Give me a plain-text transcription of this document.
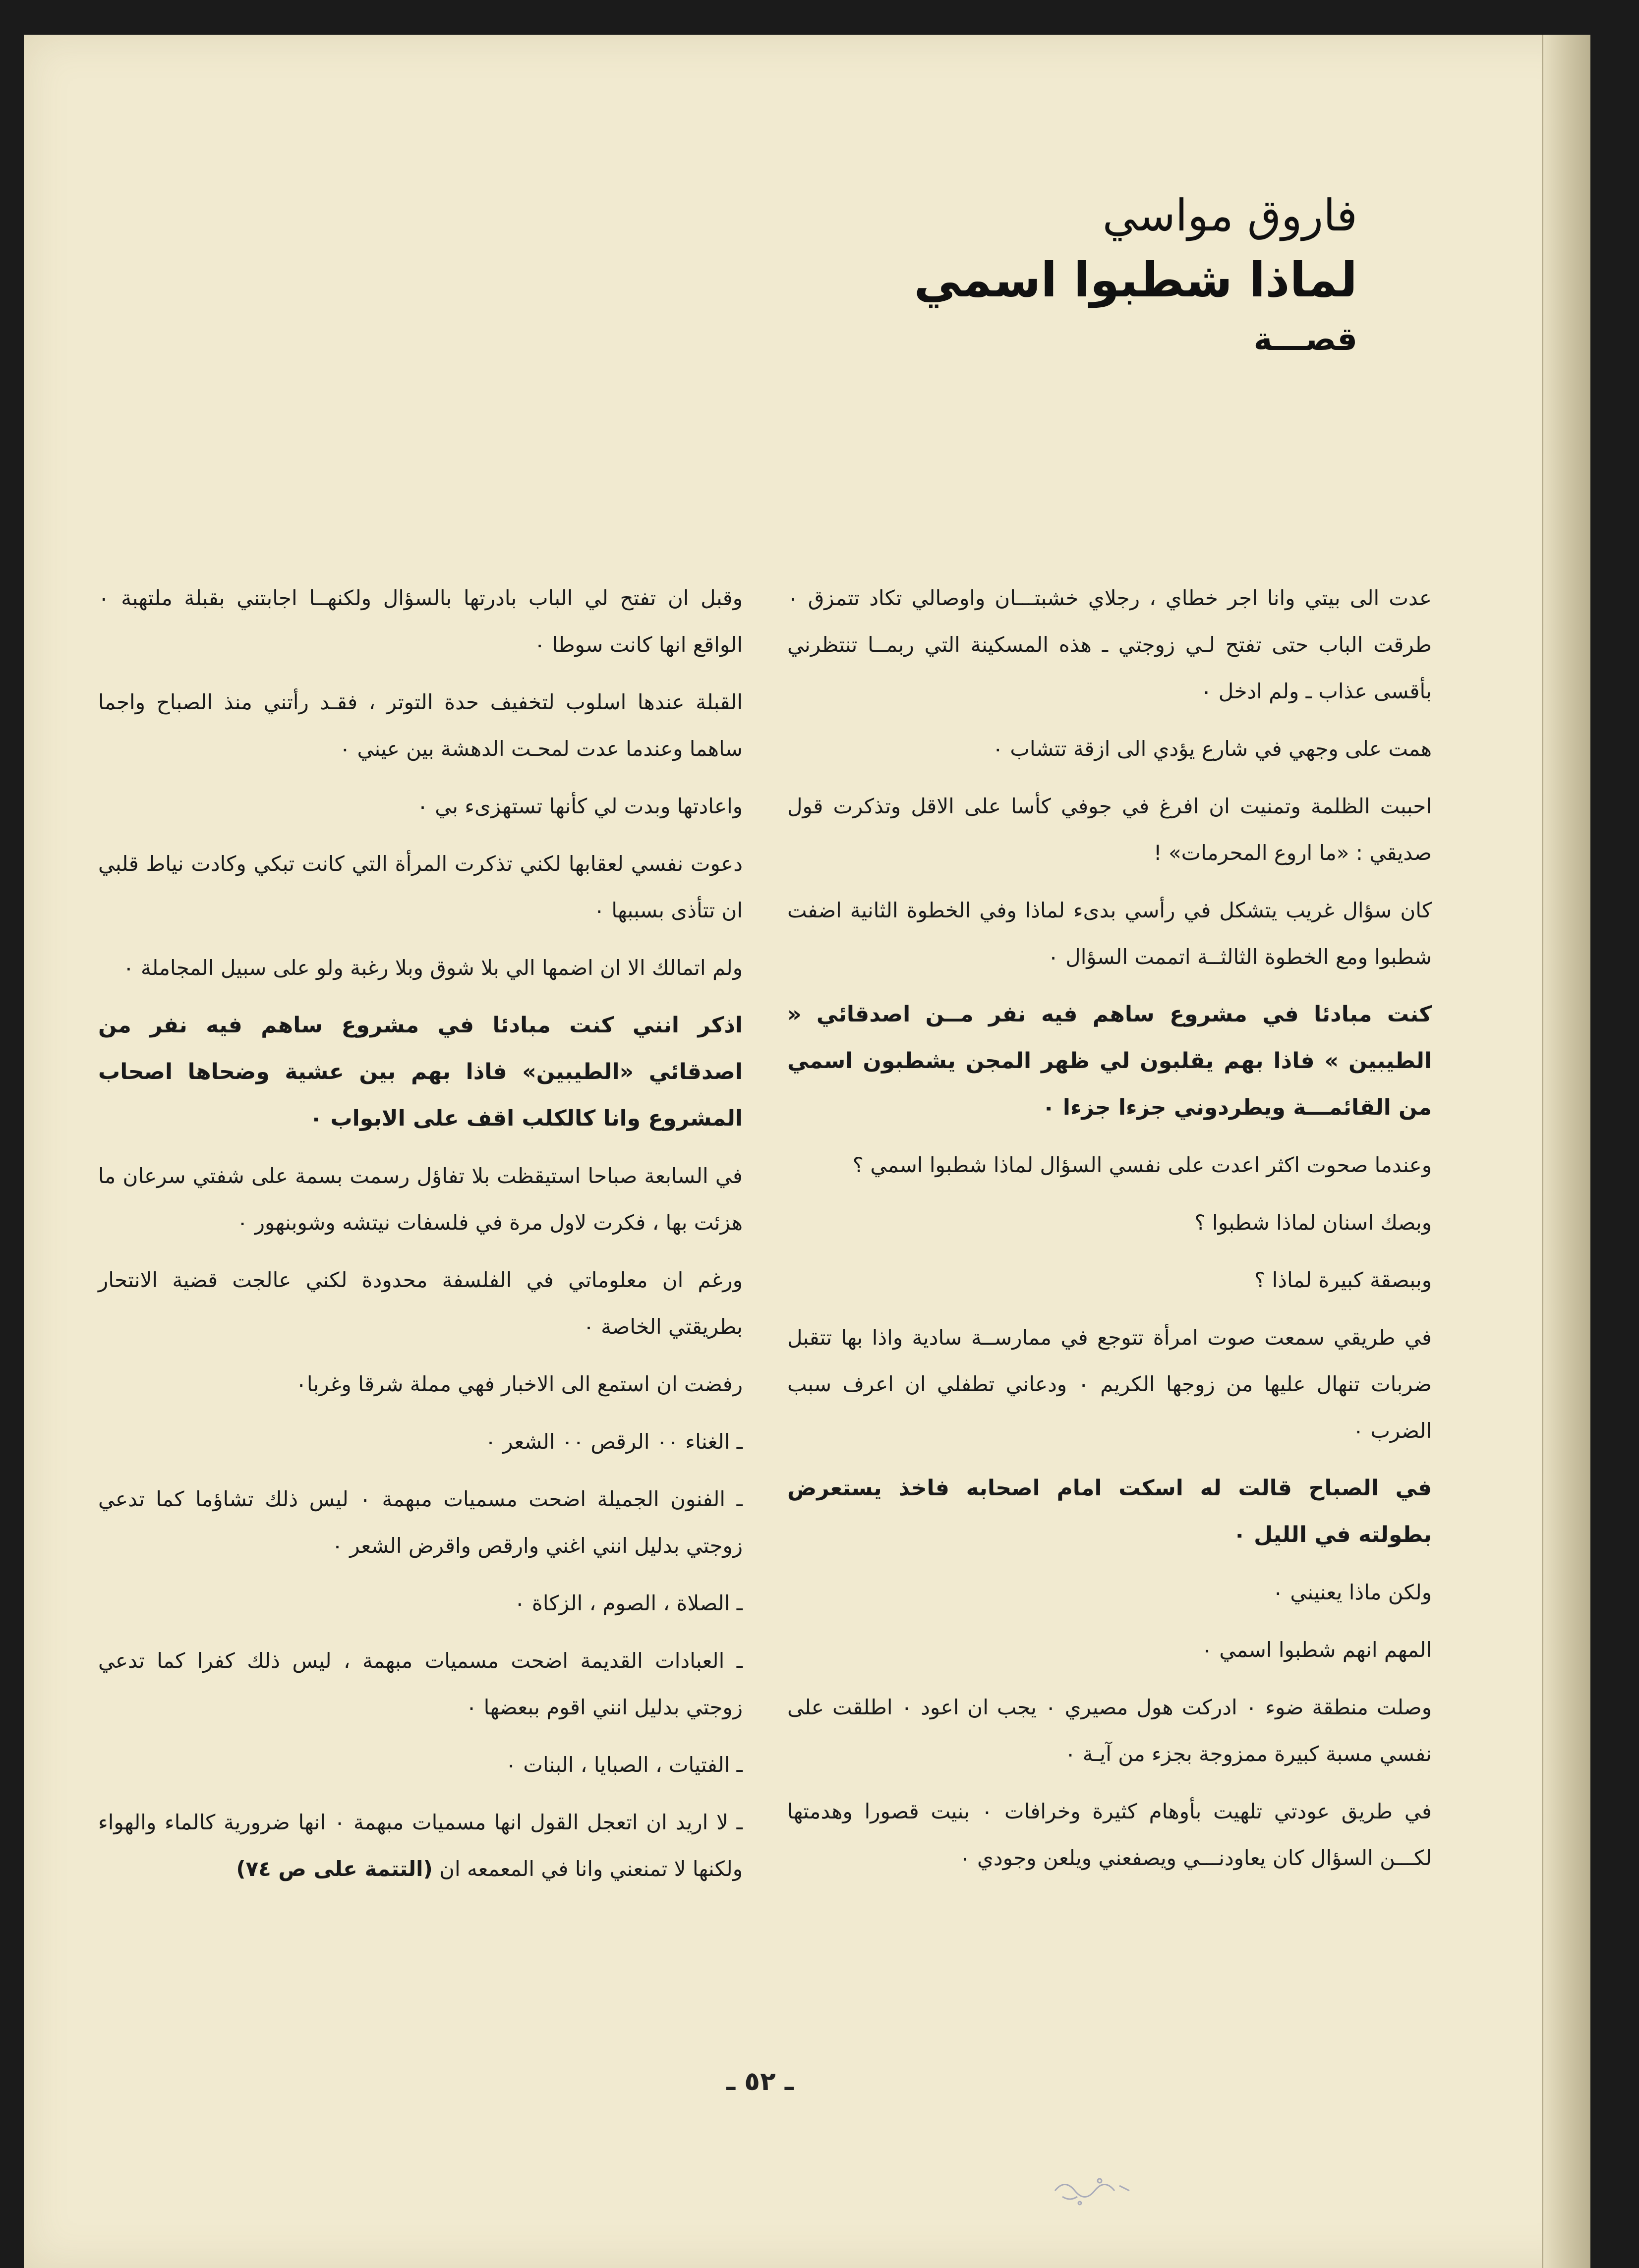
فاروق مواسي
لماذا شطبوا اسمي
قصـــة

عدت الى بيتي وانا اجر خطاي ، رجلاي خشبتـــان واوصالي تكاد تتمزق ٠ طرقت الباب حتى تفتح لـي زوجتي ـ هذه المسكينة التي ربمــا تنتظرني بأقسى عذاب ـ ولم ادخل ٠

همت على وجهي في شارع يؤدي الى ازقة تتشاب ٠

احببت الظلمة وتمنيت ان افرغ في جوفي كأسا على الاقل وتذكرت قول صديقي : «ما اروع المحرمات» !

كان سؤال غريب يتشكل في رأسي بدىء لماذا وفي الخطوة الثانية اضفت شطبوا ومع الخطوة الثالثــة اتممت السؤال ٠

كنت مبادئا في مشروع ساهم فيه نفر مــن اصدقائي « الطيبين » فاذا بهم يقلبون لي ظهر المجن يشطبون اسمي من القائمـــة ويطردوني جزءا جزءا ٠

وعندما صحوت اكثر اعدت على نفسي السؤال لماذا شطبوا اسمي ؟

وبصك اسنان لماذا شطبوا ؟

وببصقة كبيرة لماذا ؟

في طريقي سمعت صوت امرأة تتوجع في ممارســة سادية واذا بها تتقبل ضربات تنهال عليها من زوجها الكريم ٠ ودعاني تطفلي ان اعرف سبب الضرب ٠

في الصباح قالت له اسكت امام اصحابه فاخذ يستعرض بطولته في الليل ٠

ولكن ماذا يعنيني ٠

المهم انهم شطبوا اسمي ٠

وصلت منطقة ضوء ٠ ادركت هول مصيري ٠ يجب ان اعود ٠ اطلقت على نفسي مسبة كبيرة ممزوجة بجزء من آيـة ٠

في طريق عودتي تلهيت بأوهام كثيرة وخرافات ٠ بنيت قصورا وهدمتها لكـــن السؤال كان يعاودنـــي ويصفعني ويلعن وجودي ٠

وقبل ان تفتح لي الباب بادرتها بالسؤال ولكنهــا اجابتني بقبلة ملتهبة ٠ الواقع انها كانت سوطا ٠

القبلة عندها اسلوب لتخفيف حدة التوتر ، فقـد رأتني منذ الصباح واجما ساهما وعندما عدت لمحـت الدهشة بين عيني ٠

واعادتها وبدت لي كأنها تستهزىء بي ٠

دعوت نفسي لعقابها لكني تذكرت المرأة التي كانت تبكي وكادت نياط قلبي ان تتأذى بسببها ٠

ولم اتمالك الا ان اضمها الي بلا شوق وبلا رغبة ولو على سبيل المجاملة ٠

اذكر انني كنت مبادئا في مشروع ساهم فيه نفر من اصدقائي «الطيبين» فاذا بهم بين عشية وضحاها اصحاب المشروع وانا كالكلب اقف على الابواب ٠

في السابعة صباحا استيقظت بلا تفاؤل رسمت بسمة على شفتي سرعان ما هزئت بها ، فكرت لاول مرة في فلسفات نيتشه وشوبنهور ٠

ورغم ان معلوماتي في الفلسفة محدودة لكني عالجت قضية الانتحار بطريقتي الخاصة ٠

رفضت ان استمع الى الاخبار فهي مملة شرقا وغربا٠

ـ الغناء ٠٠ الرقص ٠٠ الشعر ٠

ـ الفنون الجميلة اضحت مسميات مبهمة ٠ ليس ذلك تشاؤما كما تدعي زوجتي بدليل انني اغني وارقص واقرض الشعر ٠

ـ الصلاة ، الصوم ، الزكاة ٠

ـ العبادات القديمة اضحت مسميات مبهمة ، ليس ذلك كفرا كما تدعي زوجتي بدليل انني اقوم ببعضها ٠

ـ الفتيات ، الصبايا ، البنات ٠

ـ لا اريد ان اتعجل القول انها مسميات مبهمة ٠ انها ضرورية كالماء والهواء ولكنها لا تمنعني وانا في المعمعه ان (التتمة على ص ٧٤)

ـ ٥٢ ـ
